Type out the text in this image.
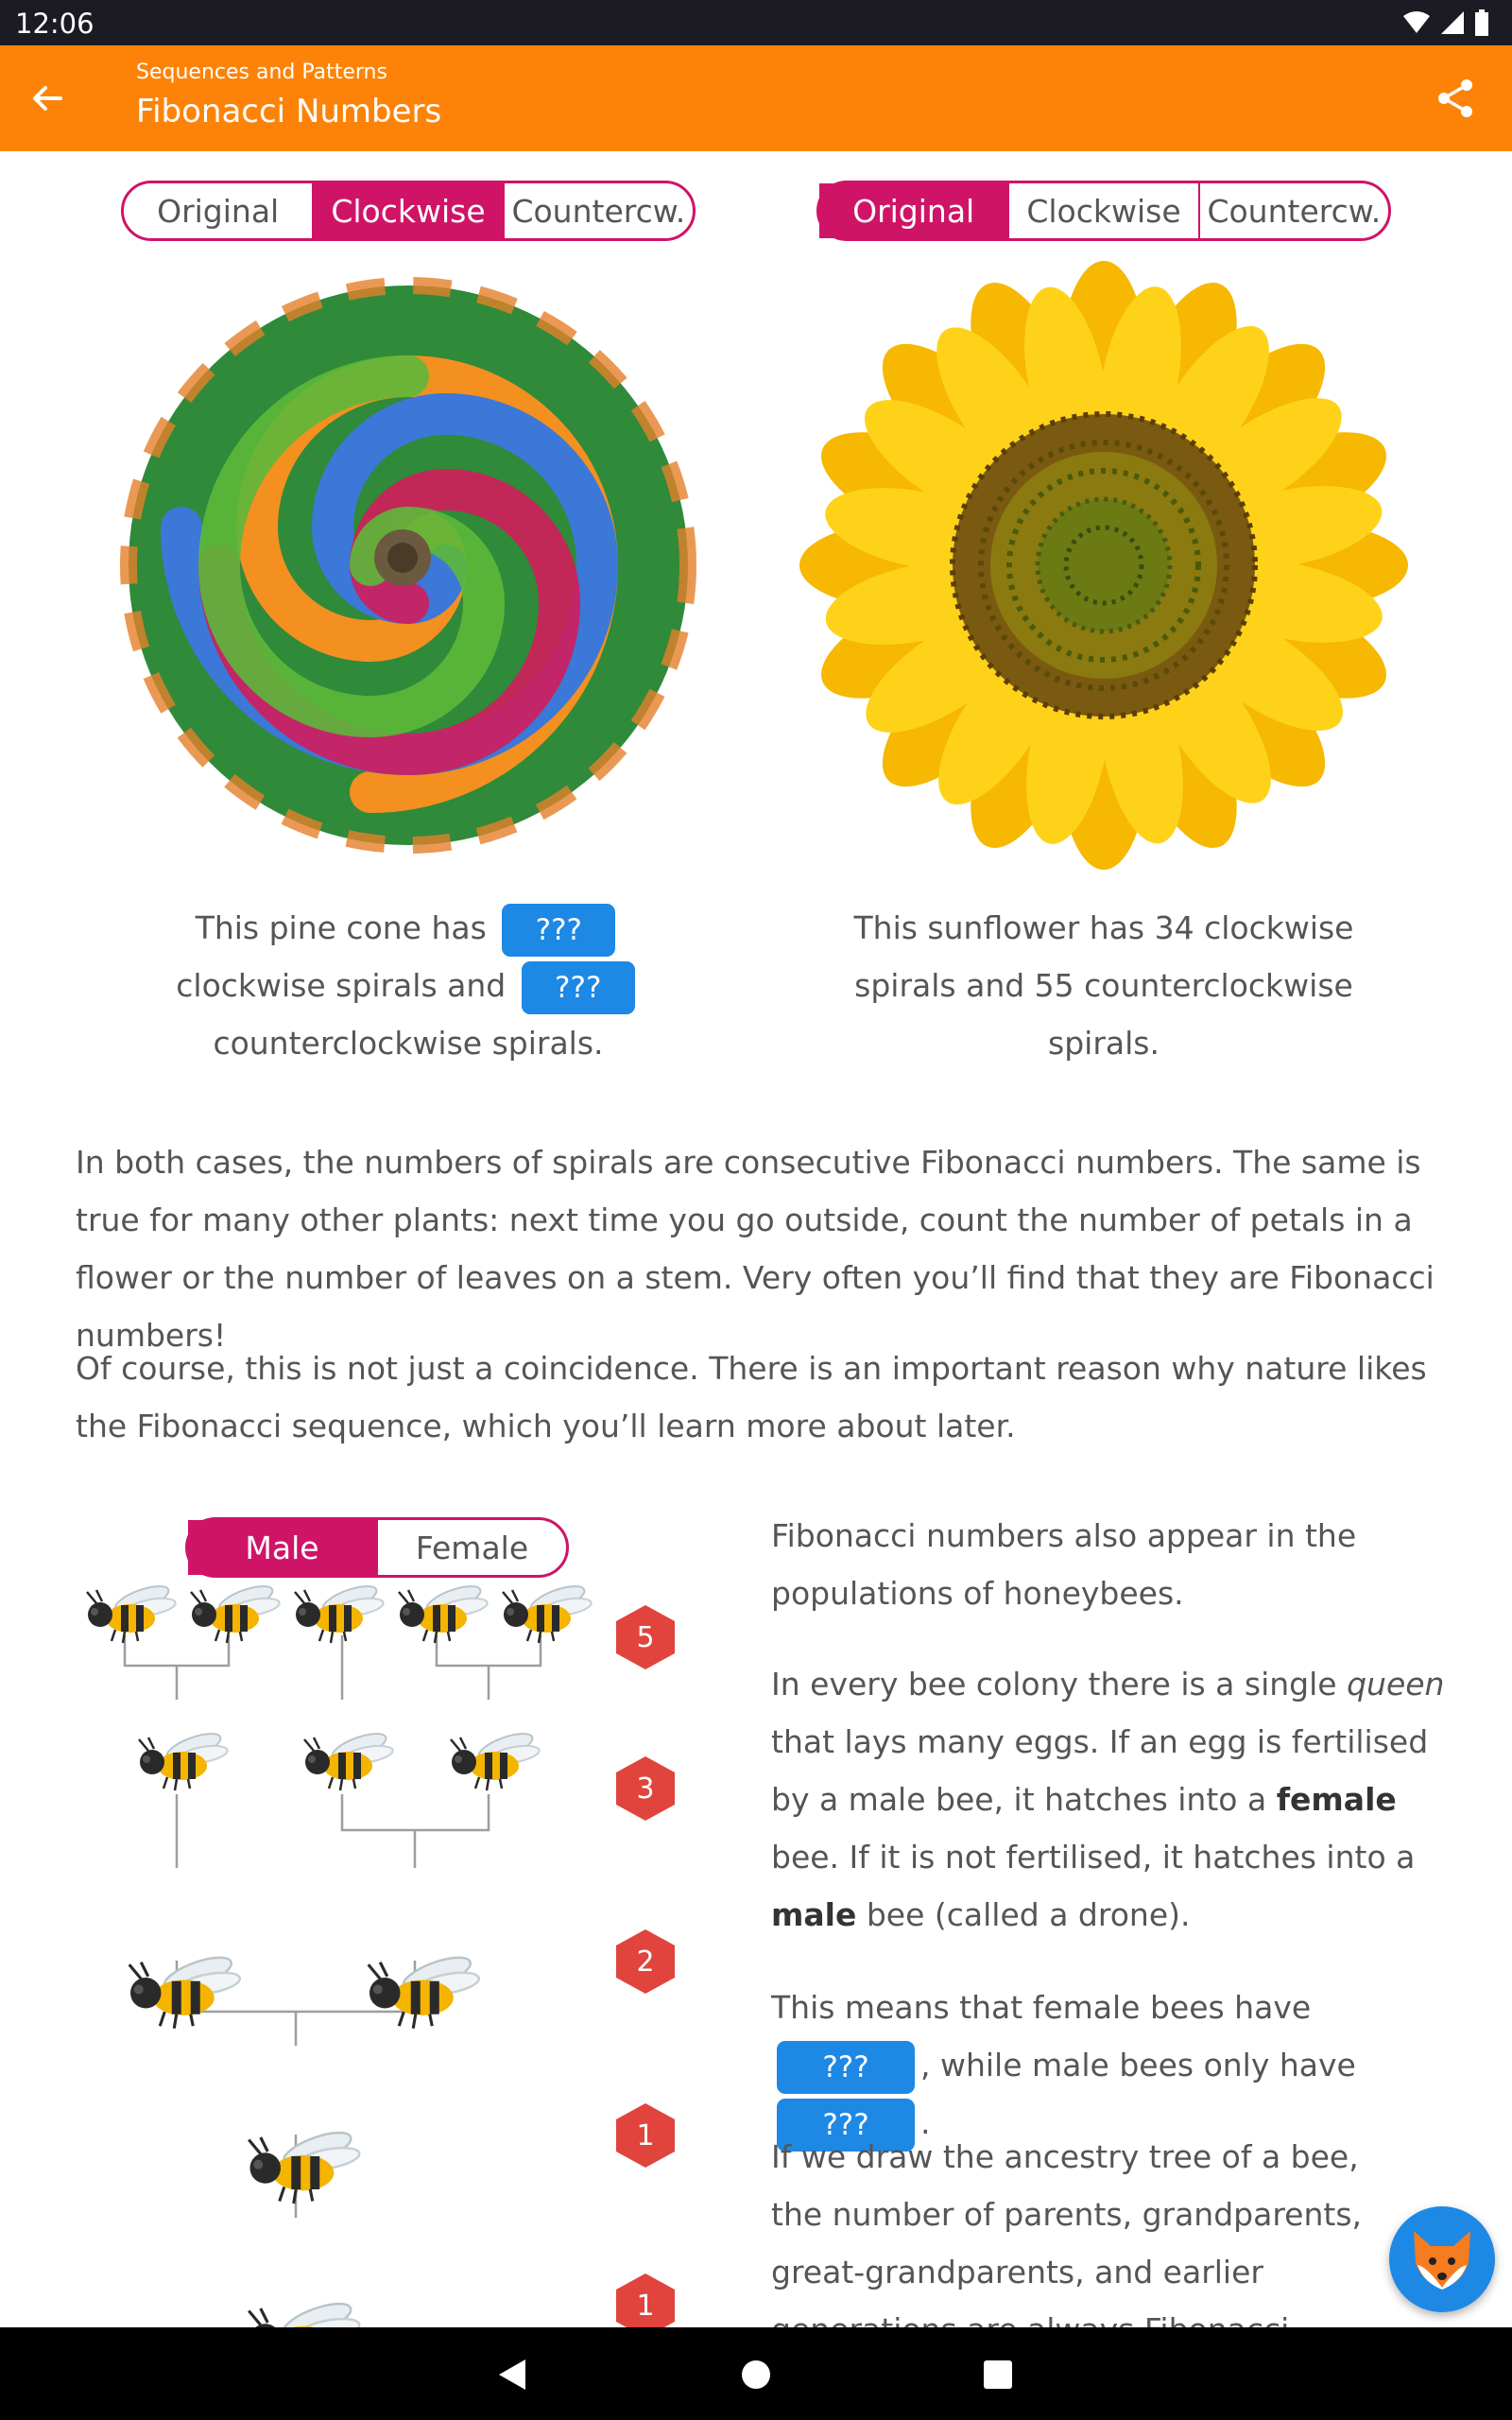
12:06
Sequences and Patterns
Fibonacci Numbers
Original	Clockwise Countercw.	Original	Clockwise Countercw.
This pine cone has ??? clockwise spirals and ??? counterclockwise spirals.
This sunflower has 34 clockwise spirals and 55 counterclockwise spirals.
In both cases, the numbers of spirals are consecutive Fibonacci numbers. The same is true for many other plants: next time you go outside, count the number of petals in a flower or the number of leaves on a stem. Very often you’ll find that they are Fibonacci numbers!
Of course, this is not just a coincidence. There is an important reason why nature likes the Fibonacci sequence, which you’ll learn more about later.
Male	Female
5
3
2
1
1
Fibonacci numbers also appear in the populations of honeybees.
In every bee colony there is a single queen that lays many eggs. If an egg is fertilised by a male bee, it hatches into a female bee. If it is not fertilised, it hatches into a male bee (called a drone).
This means that female bees have ??? , while male bees only have ??? .
If we draw the ancestry tree of a bee, the number of parents, grandparents, great-grandparents, and earlier
